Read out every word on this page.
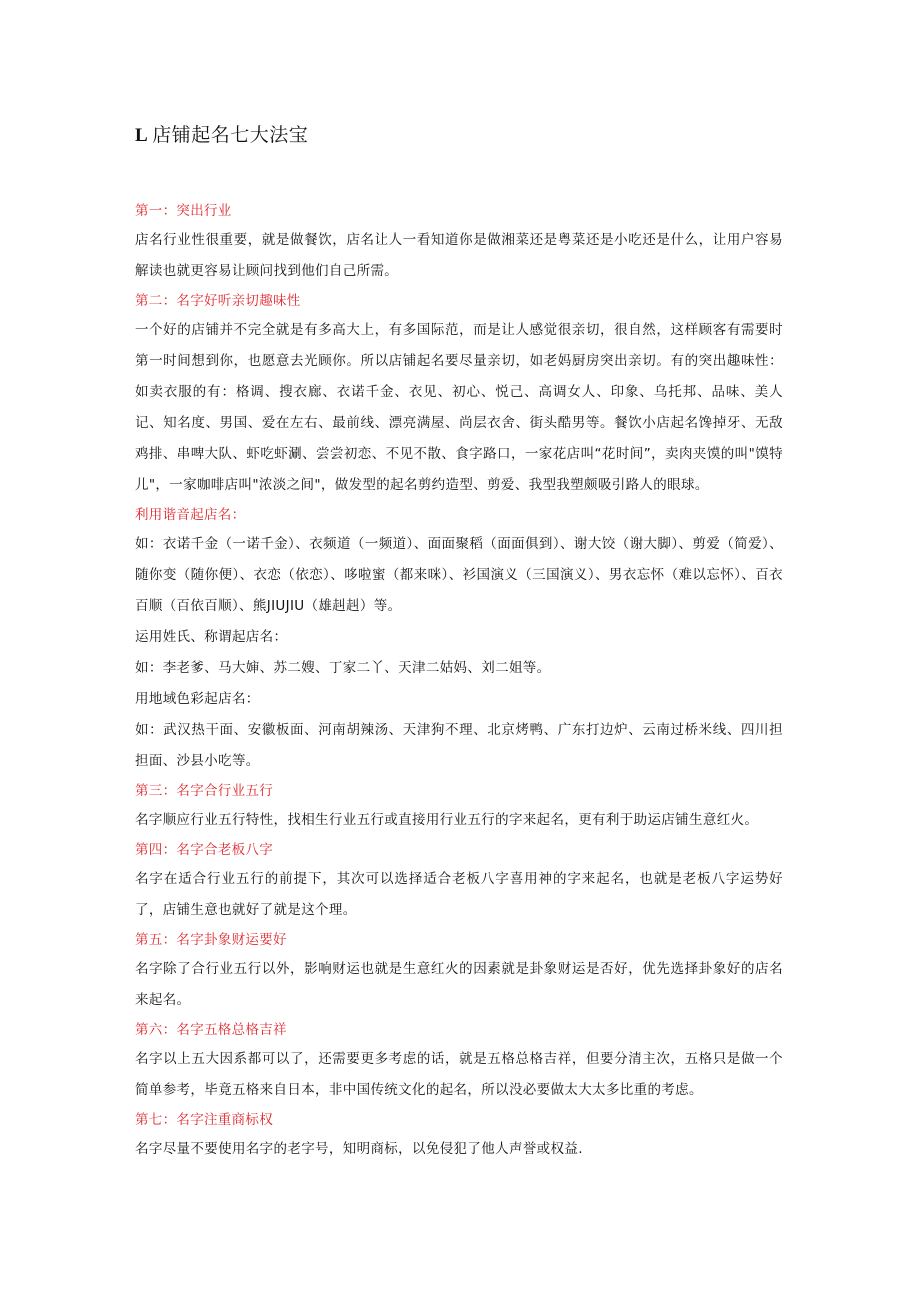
L 店铺起名七大法宝

第一：突出行业

店名行业性很重要，就是做餐饮，店名让人一看知道你是做湘菜还是粤菜还是小吃还是什么，让用户容易解读也就更容易让顾问找到他们自己所需。

第二：名字好听亲切趣味性

一个好的店铺并不完全就是有多高大上，有多国际范，而是让人感觉很亲切，很自然，这样顾客有需要时第一时间想到你，也愿意去光顾你。所以店铺起名要尽量亲切，如老妈厨房突出亲切。有的突出趣味性：如卖衣服的有：格调、搜衣廊、衣诺千金、衣见、初心、悦己、高调女人、印象、乌托邦、品味、美人记、知名度、男国、爱在左右、最前线、漂亮满屋、尚层衣舍、街头酷男等。餐饮小店起名馋掉牙、无敌鸡排、串啤大队、虾吃虾涮、尝尝初恋、不见不散、食字路口，一家花店叫“花时间”，卖肉夹馍的叫"馍特儿"，一家咖啡店叫"浓淡之间"，做发型的起名剪约造型、剪爱、我型我塑颇吸引路人的眼球。

利用谐音起店名：

如：衣诺千金（一诺千金）、衣频道（一频道）、面面聚稻（面面俱到）、谢大饺（谢大脚）、剪爱（简爱）、随你变（随你便）、衣恋（依恋）、哆啦蜜（都来咪）、衫国演义（三国演义）、男衣忘怀（难以忘怀）、百衣百顺（百依百顺）、熊JIUJIU（雄赳赳）等。

运用姓氏、称谓起店名：

如：李老爹、马大婶、苏二嫂、丁家二丫、天津二姑妈、刘二姐等。

用地域色彩起店名：

如：武汉热干面、安徽板面、河南胡辣汤、天津狗不理、北京烤鸭、广东打边炉、云南过桥米线、四川担担面、沙县小吃等。

第三：名字合行业五行

名字顺应行业五行特性，找相生行业五行或直接用行业五行的字来起名，更有利于助运店铺生意红火。

第四：名字合老板八字

名字在适合行业五行的前提下，其次可以选择适合老板八字喜用神的字来起名，也就是老板八字运势好了，店铺生意也就好了就是这个理。

第五：名字卦象财运要好

名字除了合行业五行以外，影响财运也就是生意红火的因素就是卦象财运是否好，优先选择卦象好的店名来起名。

第六：名字五格总格吉祥

名字以上五大因系都可以了，还需要更多考虑的话，就是五格总格吉祥，但要分清主次，五格只是做一个简单参考，毕竟五格来自日本，非中国传统文化的起名，所以没必要做太大太多比重的考虑。

第七：名字注重商标权

名字尽量不要使用名字的老字号，知明商标，以免侵犯了他人声誉或权益.
